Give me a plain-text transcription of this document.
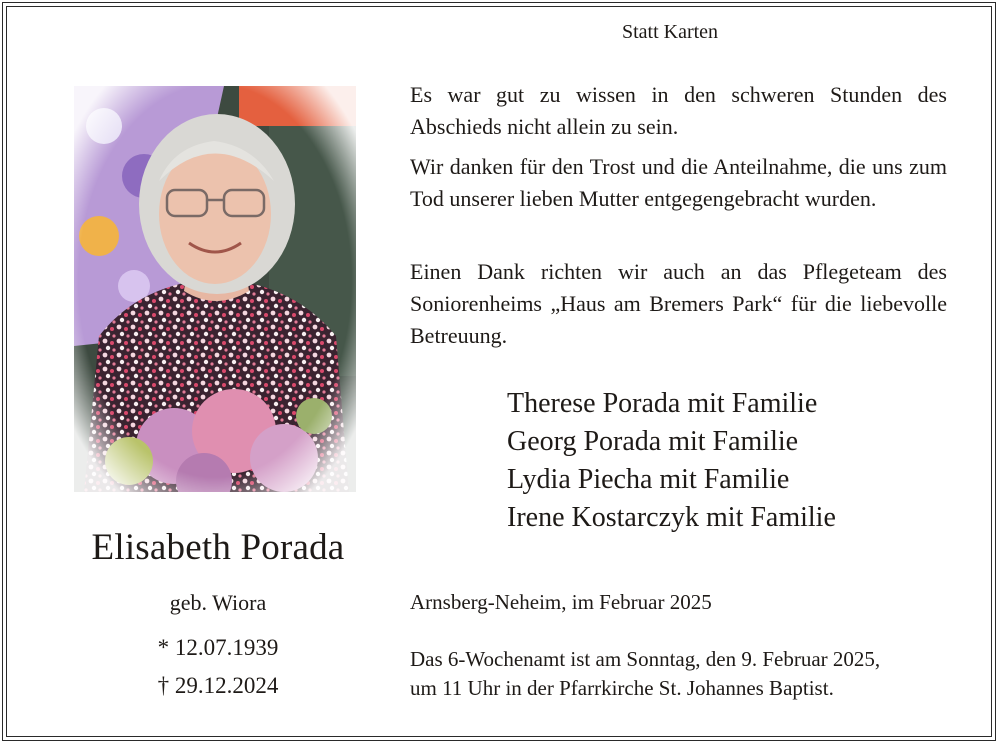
Statt Karten
Elisabeth Porada
geb. Wiora
* 12.07.1939
† 29.12.2024
Es war gut zu wissen in den schweren Stunden des Abschieds nicht allein zu sein.
Wir danken für den Trost und die Anteilnahme, die uns zum Tod unserer lieben Mutter entgegengebracht wurden.
Einen Dank richten wir auch an das Pflegeteam des Soniorenheims „Haus am Bremers Park“ für die liebevolle Betreuung.
Therese Porada mit Familie
Georg Porada mit Familie
Lydia Piecha mit Familie
Irene Kostarczyk mit Familie
Arnsberg-Neheim, im Februar 2025
Das 6-Wochenamt ist am Sonntag, den 9. Februar 2025,
um 11 Uhr in der Pfarrkirche St. Johannes Baptist.
